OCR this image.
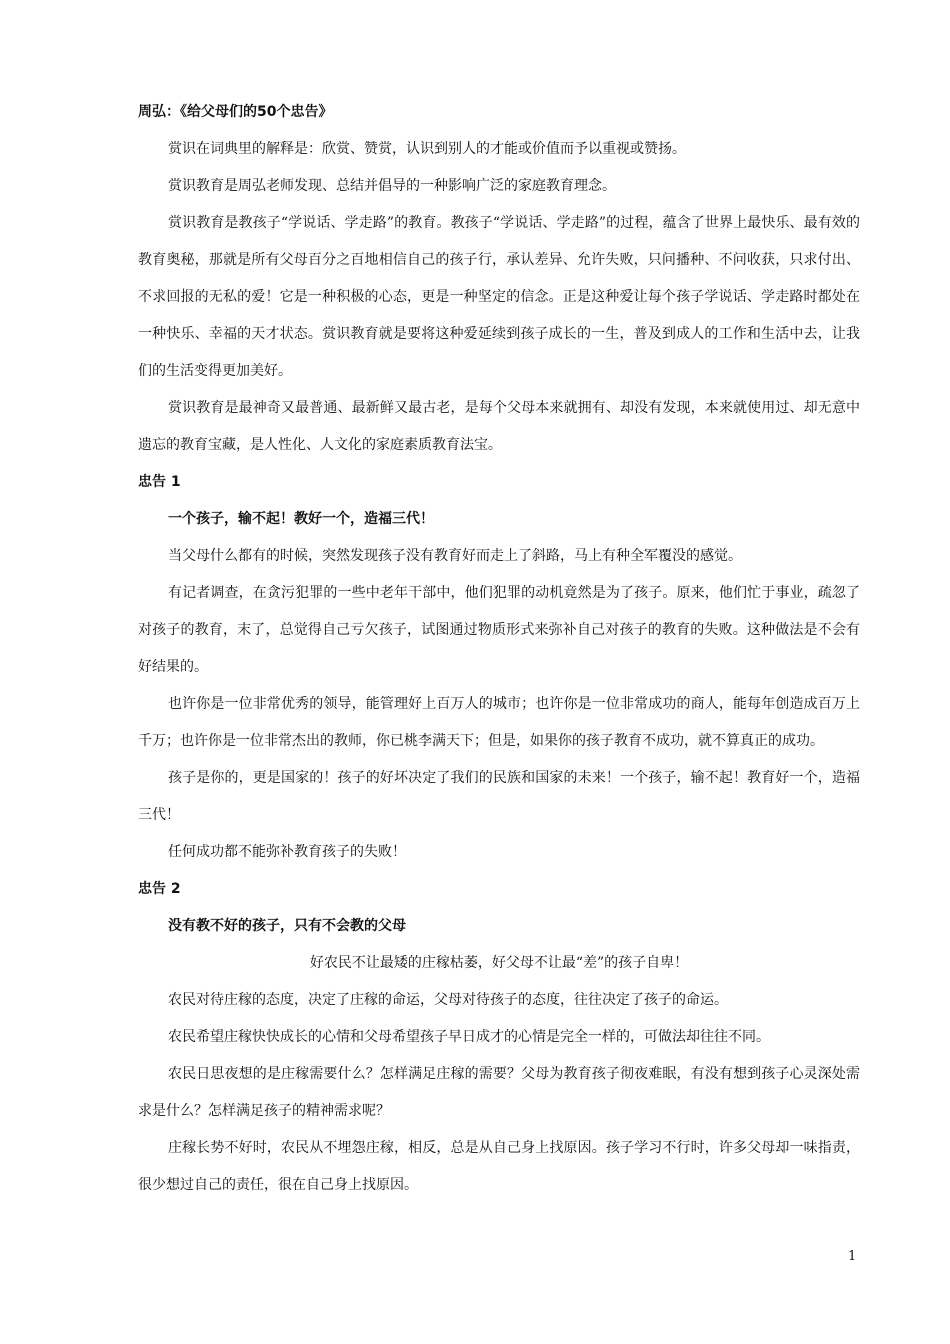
周弘：《给父母们的50个忠告》

赏识在词典里的解释是：欣赏、赞赏，认识到别人的才能或价值而予以重视或赞扬。

赏识教育是周弘老师发现、总结并倡导的一种影响广泛的家庭教育理念。

赏识教育是教孩子“学说话、学走路”的教育。教孩子“学说话、学走路”的过程，蕴含了世界上最快乐、最有效的教育奥秘，那就是所有父母百分之百地相信自己的孩子行，承认差异、允许失败，只问播种、不问收获，只求付出、不求回报的无私的爱！它是一种积极的心态，更是一种坚定的信念。正是这种爱让每个孩子学说话、学走路时都处在一种快乐、幸福的天才状态。赏识教育就是要将这种爱延续到孩子成长的一生，普及到成人的工作和生活中去，让我们的生活变得更加美好。

赏识教育是最神奇又最普通、最新鲜又最古老，是每个父母本来就拥有、却没有发现，本来就使用过、却无意中遗忘的教育宝藏，是人性化、人文化的家庭素质教育法宝。

忠告 1

一个孩子，输不起！教好一个，造福三代！

当父母什么都有的时候，突然发现孩子没有教育好而走上了斜路，马上有种全军覆没的感觉。

有记者调查，在贪污犯罪的一些中老年干部中，他们犯罪的动机竟然是为了孩子。原来，他们忙于事业，疏忽了对孩子的教育，末了，总觉得自己亏欠孩子，试图通过物质形式来弥补自己对孩子的教育的失败。这种做法是不会有好结果的。

也许你是一位非常优秀的领导，能管理好上百万人的城市；也许你是一位非常成功的商人，能每年创造成百万上千万；也许你是一位非常杰出的教师，你已桃李满天下；但是，如果你的孩子教育不成功，就不算真正的成功。

孩子是你的，更是国家的！孩子的好坏决定了我们的民族和国家的未来！一个孩子，输不起！教育好一个，造福三代！

任何成功都不能弥补教育孩子的失败！

忠告 2

没有教不好的孩子，只有不会教的父母

好农民不让最矮的庄稼枯萎，好父母不让最“差”的孩子自卑！

农民对待庄稼的态度，决定了庄稼的命运，父母对待孩子的态度，往往决定了孩子的命运。

农民希望庄稼快快成长的心情和父母希望孩子早日成才的心情是完全一样的，可做法却往往不同。

农民日思夜想的是庄稼需要什么？怎样满足庄稼的需要？父母为教育孩子彻夜难眠，有没有想到孩子心灵深处需求是什么？怎样满足孩子的精神需求呢？

庄稼长势不好时，农民从不埋怨庄稼，相反，总是从自己身上找原因。孩子学习不行时，许多父母却一味指责，很少想过自己的责任，很在自己身上找原因。

1
